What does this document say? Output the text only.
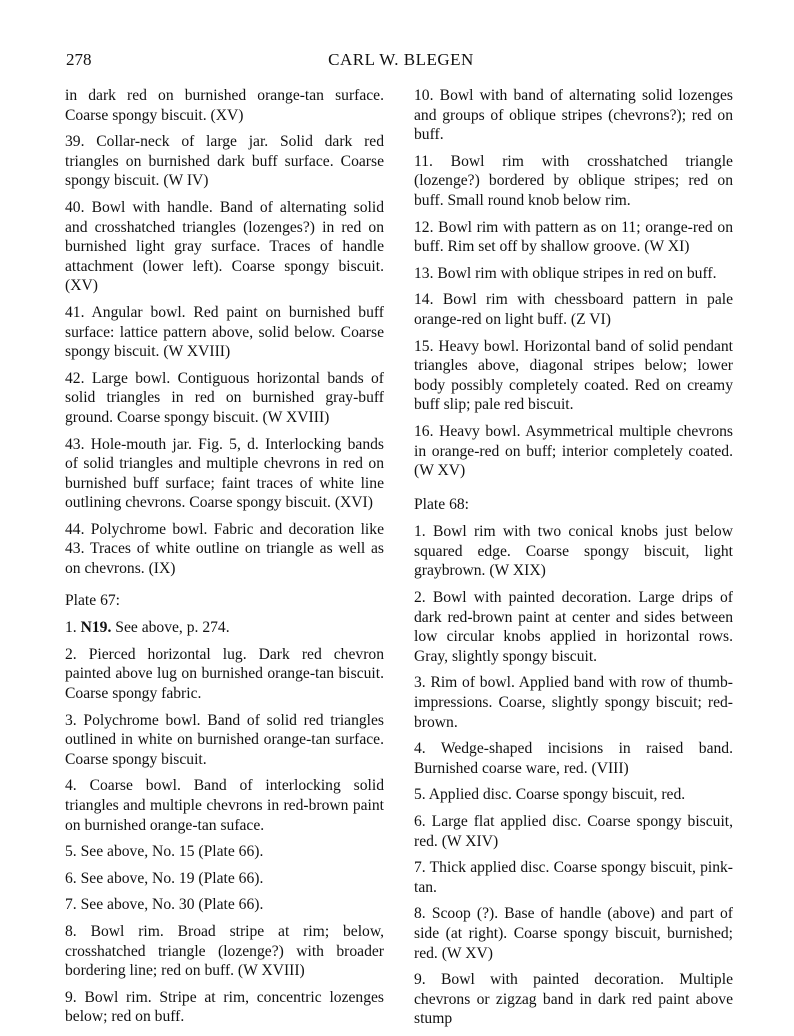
278	CARL W. BLEGEN

in dark red on burnished orange-tan surface. Coarse spongy biscuit. (XV)

39. Collar-neck of large jar. Solid dark red triangles on burnished dark buff surface. Coarse spongy biscuit. (W IV)

40. Bowl with handle. Band of alternating solid and crosshatched triangles (lozenges?) in red on burnished light gray surface. Traces of handle attachment (lower left). Coarse spongy biscuit. (XV)

41. Angular bowl. Red paint on burnished buff surface: lattice pattern above, solid below. Coarse spongy biscuit. (W XVIII)

42. Large bowl. Contiguous horizontal bands of solid triangles in red on burnished gray-buff ground. Coarse spongy biscuit. (W XVIII)

43. Hole-mouth jar. Fig. 5, d. Interlocking bands of solid triangles and multiple chevrons in red on burnished buff surface; faint traces of white line outlining chevrons. Coarse spongy biscuit. (XVI)

44. Polychrome bowl. Fabric and decoration like 43. Traces of white outline on triangle as well as on chevrons. (IX)

Plate 67:

1. N19. See above, p. 274.

2. Pierced horizontal lug. Dark red chevron painted above lug on burnished orange-tan biscuit. Coarse spongy fabric.

3. Polychrome bowl. Band of solid red triangles outlined in white on burnished orange-tan surface. Coarse spongy biscuit.

4. Coarse bowl. Band of interlocking solid triangles and multiple chevrons in red-brown paint on burnished orange-tan suface.

5. See above, No. 15 (Plate 66).

6. See above, No. 19 (Plate 66).

7. See above, No. 30 (Plate 66).

8. Bowl rim. Broad stripe at rim; below, crosshatched triangle (lozenge?) with broader bordering line; red on buff. (W XVIII)

9. Bowl rim. Stripe at rim, concentric lozenges below; red on buff.

10. Bowl with band of alternating solid lozenges and groups of oblique stripes (chevrons?); red on buff.

11. Bowl rim with crosshatched triangle (lozenge?) bordered by oblique stripes; red on buff. Small round knob below rim.

12. Bowl rim with pattern as on 11; orange-red on buff. Rim set off by shallow groove. (W XI)

13. Bowl rim with oblique stripes in red on buff.

14. Bowl rim with chessboard pattern in pale orange-red on light buff. (Z VI)

15. Heavy bowl. Horizontal band of solid pendant triangles above, diagonal stripes below; lower body possibly completely coated. Red on creamy buff slip; pale red biscuit.

16. Heavy bowl. Asymmetrical multiple chevrons in orange-red on buff; interior completely coated. (W XV)

Plate 68:

1. Bowl rim with two conical knobs just below squared edge. Coarse spongy biscuit, light graybrown. (W XIX)

2. Bowl with painted decoration. Large drips of dark red-brown paint at center and sides between low circular knobs applied in horizontal rows. Gray, slightly spongy biscuit.

3. Rim of bowl. Applied band with row of thumb-impressions. Coarse, slightly spongy biscuit; red-brown.

4. Wedge-shaped incisions in raised band. Burnished coarse ware, red. (VIII)

5. Applied disc. Coarse spongy biscuit, red.

6. Large flat applied disc. Coarse spongy biscuit, red. (W XIV)

7. Thick applied disc. Coarse spongy biscuit, pink-tan.

8. Scoop (?). Base of handle (above) and part of side (at right). Coarse spongy biscuit, burnished; red. (W XV)

9. Bowl with painted decoration. Multiple chevrons or zigzag band in dark red paint above stump
